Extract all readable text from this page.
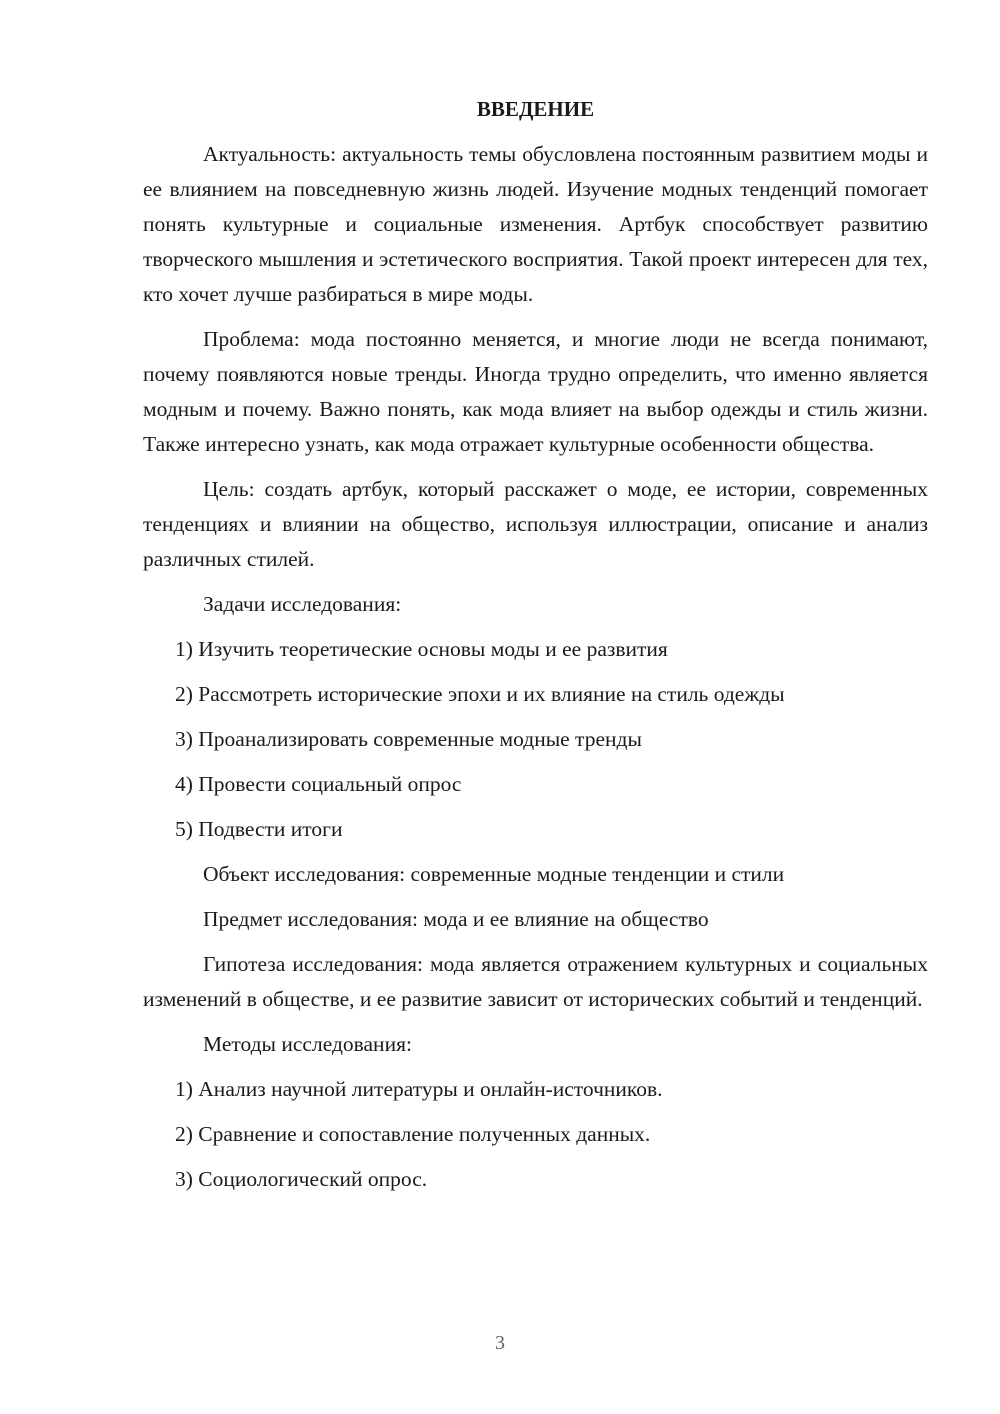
ВВЕДЕНИЕ
Актуальность: актуальность темы обусловлена постоянным развитием моды и ее влиянием на повседневную жизнь людей. Изучение модных тенденций помогает понять культурные и социальные изменения. Артбук способствует развитию творческого мышления и эстетического восприятия. Такой проект интересен для тех, кто хочет лучше разбираться в мире моды.
Проблема: мода постоянно меняется, и многие люди не всегда понимают, почему появляются новые тренды. Иногда трудно определить, что именно является модным и почему. Важно понять, как мода влияет на выбор одежды и стиль жизни. Также интересно узнать, как мода отражает культурные особенности общества.
Цель: создать артбук, который расскажет о моде, ее истории, современных тенденциях и влиянии на общество, используя иллюстрации, описание и анализ различных стилей.
Задачи исследования:
1) Изучить теоретические основы моды и ее развития
2) Рассмотреть исторические эпохи и их влияние на стиль одежды
3) Проанализировать современные модные тренды
4) Провести социальный опрос
5) Подвести итоги
Объект исследования: современные модные тенденции и стили
Предмет исследования: мода и ее влияние на общество
Гипотеза исследования: мода является отражением культурных и социальных изменений в обществе, и ее развитие зависит от исторических событий и тенденций.
Методы исследования:
1) Анализ научной литературы и онлайн-источников.
2) Сравнение и сопоставление полученных данных.
3) Социологический опрос.
3
